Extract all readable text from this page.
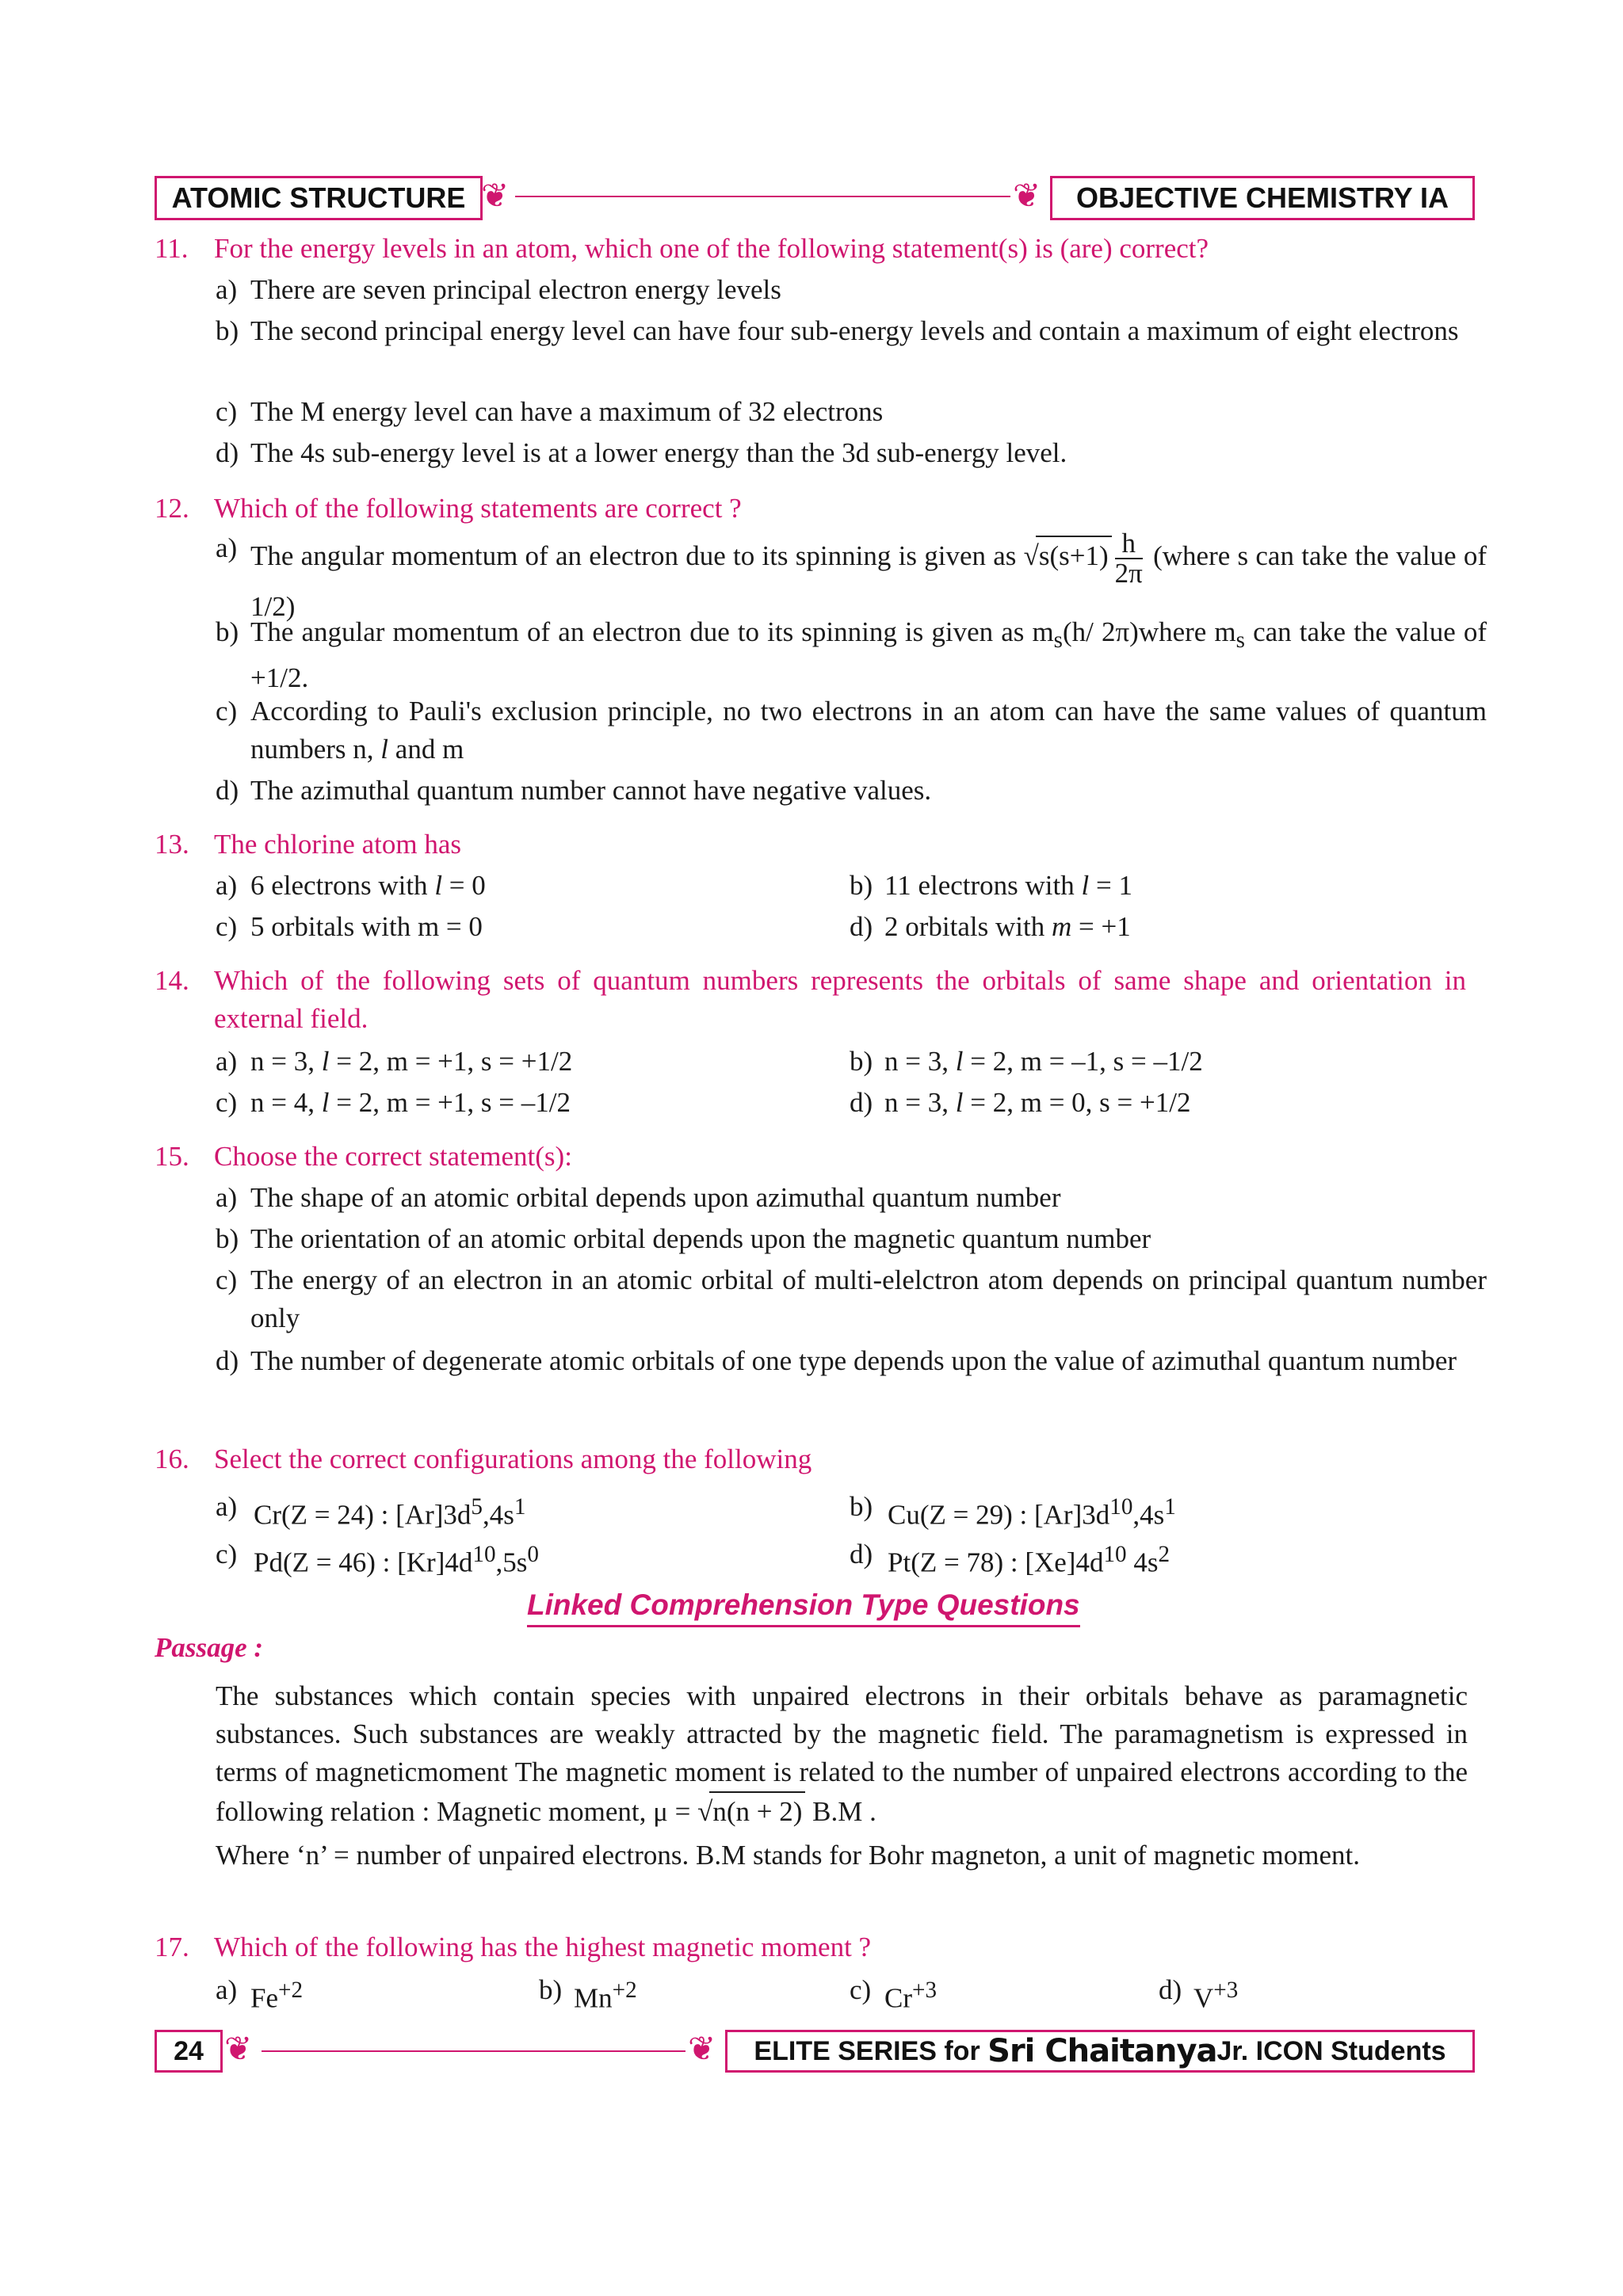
ATOMIC STRUCTURE ❦	❦ OBJECTIVE CHEMISTRY IA
11. For the energy levels in an atom, which one of the following statement(s) is (are) correct?
a) There are seven principal electron energy levels
b) The second principal energy level can have four sub-energy levels and contain a maximum of eight electrons
c) The M energy level can have a maximum of 32 electrons
d) The 4s sub-energy level is at a lower energy than the 3d sub-energy level.
12. Which of the following statements are correct ?
a) The angular momentum of an electron due to its spinning is given as $√s(s+1) \frac{h}{2\pi}$ (where s can take the value of 1/2)
b) The angular momentum of an electron due to its spinning is given as $m_s(h/$ 2π)where $m_s$ can take the value of +1/2.
c) According to Pauli's exclusion principle, no two electrons in an atom can have the same values of quantum numbers n, l and m
d) The azimuthal quantum number cannot have negative values.
13. The chlorine atom has
a) 6 electrons with l = 0	b) 11 electrons with l = 1
c) 5 orbitals with m = 0	d) 2 orbitals with m = +1
14. Which of the following sets of quantum numbers represents the orbitals of same shape and orientation in external field.
a) n = 3, l = 2, m = +1, s = +1/2	b) n = 3, l = 2, m = –1, s = –1/2
c) n = 4, l = 2, m = +1, s = –1/2	d) n = 3, l = 2, m = 0, s = +1/2
15. Choose the correct statement(s):
a) The shape of an atomic orbital depends upon azimuthal quantum number
b) The orientation of an atomic orbital depends upon the magnetic quantum number
c) The energy of an electron in an atomic orbital of multi-elelctron atom depends on principal quantum number only
d) The number of degenerate atomic orbitals of one type depends upon the value of azimuthal quantum number
16. Select the correct configurations among the following
a) Cr(Z = 24) : $[Ar]3d^5,4s^1$	b) Cu(Z = 29) : $[Ar]3d^{10},4s^1$
c) Pd(Z = 46) : $[Kr]4d^{10},5s^0$	d) Pt(Z = 78) : $[Xe]4d^{10}$ $4s^2$
Linked Comprehension Type Questions
Passage :
The substances which contain species with unpaired electrons in their orbitals behave as paramagnetic substances. Such substances are weakly attracted by the magnetic field. The paramagnetism is expressed in terms of magneticmoment The magnetic moment is related to the number of unpaired electrons according to the following relation : Magnetic moment, μ = √n(n + 2) B.M .
Where ‘n’ = number of unpaired electrons. B.M stands for Bohr magneton, a unit of magnetic moment.
17. Which of the following has the highest magnetic moment ?
a) $Fe^{+2}$	b) $Mn^{+2}$	c) $Cr^{+3}$	d) $V^{+3}$
24 ❦	❦ ELITE SERIES for
Sri Chaitanya Jr. ICON Students
